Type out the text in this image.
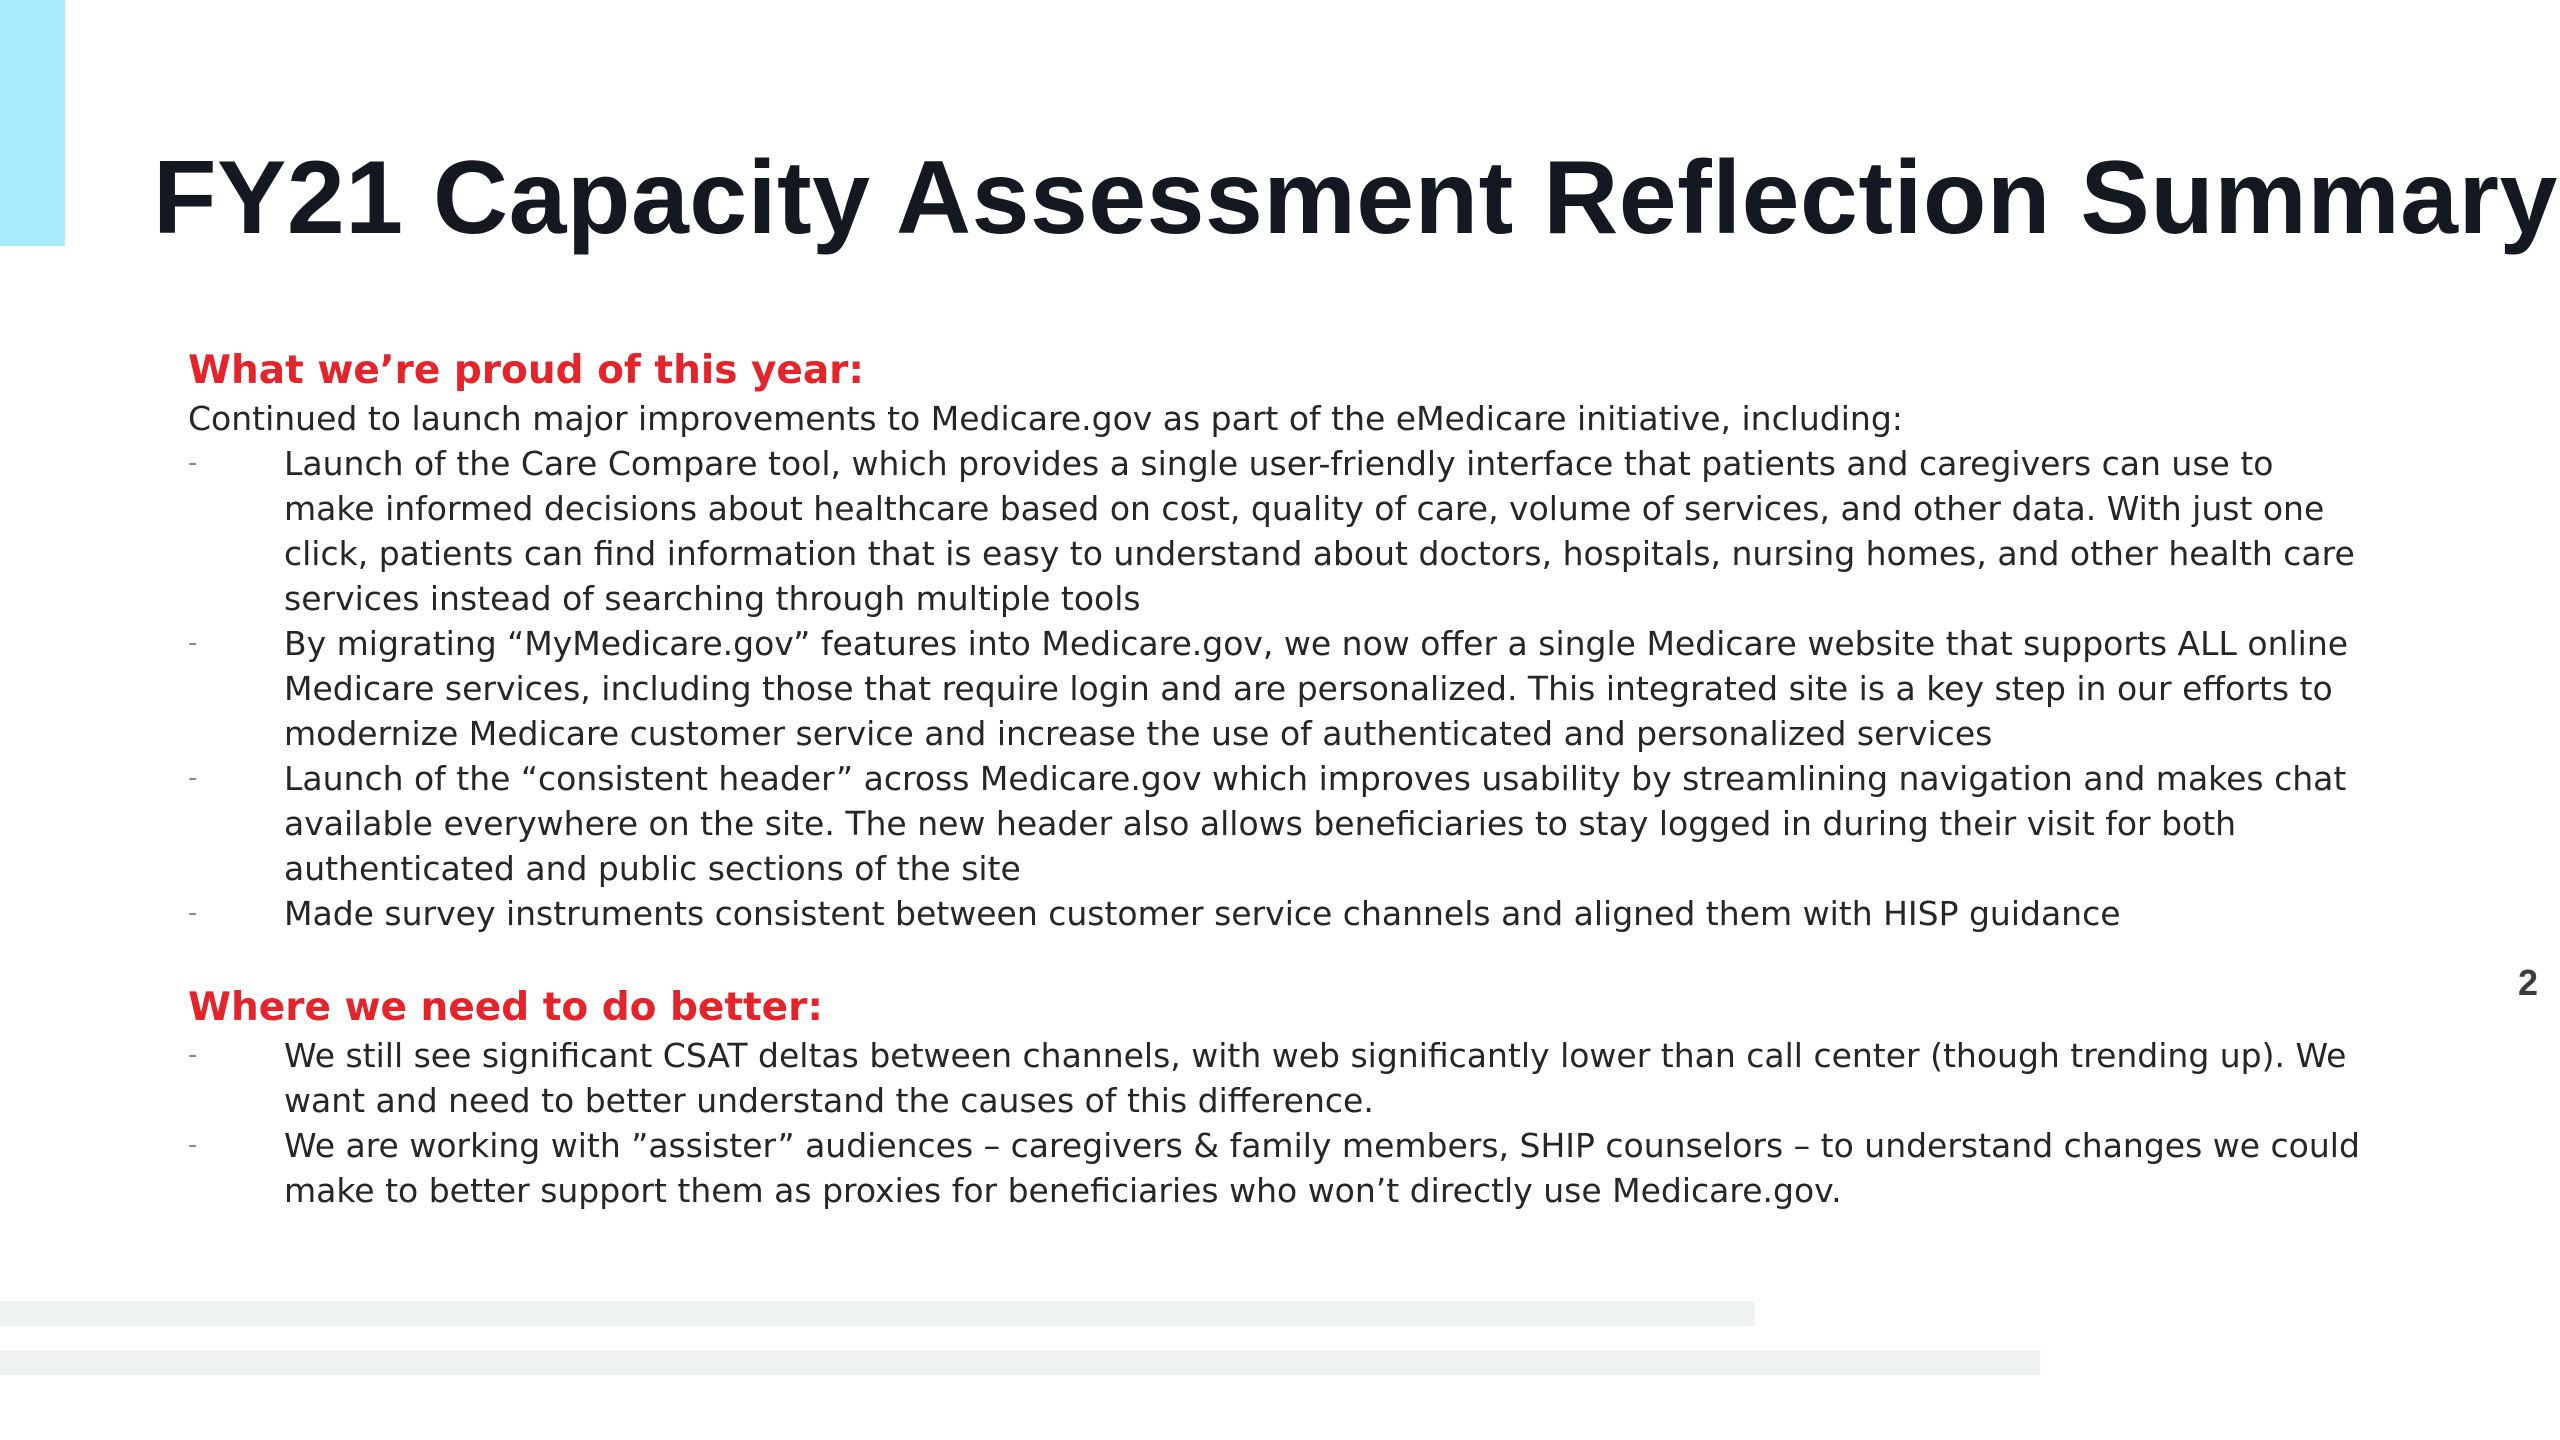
FY21 Capacity Assessment Reflection Summary
What we’re proud of this year:

Continued to launch major improvements to Medicare.gov as part of the eMedicare initiative, including:

-	Launch of the Care Compare tool, which provides a single user-friendly interface that patients and caregivers can use to make informed decisions about healthcare based on cost, quality of care, volume of services, and other data. With just one click, patients can find information that is easy to understand about doctors, hospitals, nursing homes, and other health care services instead of searching through multiple tools
-	By migrating “MyMedicare.gov” features into Medicare.gov, we now offer a single Medicare website that supports ALL online Medicare services, including those that require login and are personalized. This integrated site is a key step in our efforts to modernize Medicare customer service and increase the use of authenticated and personalized services
-	Launch of the “consistent header” across Medicare.gov which improves usability by streamlining navigation and makes chat available everywhere on the site. The new header also allows beneficiaries to stay logged in during their visit for both authenticated and public sections of the site
-	Made survey instruments consistent between customer service channels and aligned them with HISP guidance
Where we need to do better:
-	We still see significant CSAT deltas between channels, with web significantly lower than call center (though trending up). We want and need to better understand the causes of this difference.
-	We are working with ”assister” audiences – caregivers & family members, SHIP counselors – to understand changes we could make to better support them as proxies for beneficiaries who won’t directly use Medicare.gov.
2
